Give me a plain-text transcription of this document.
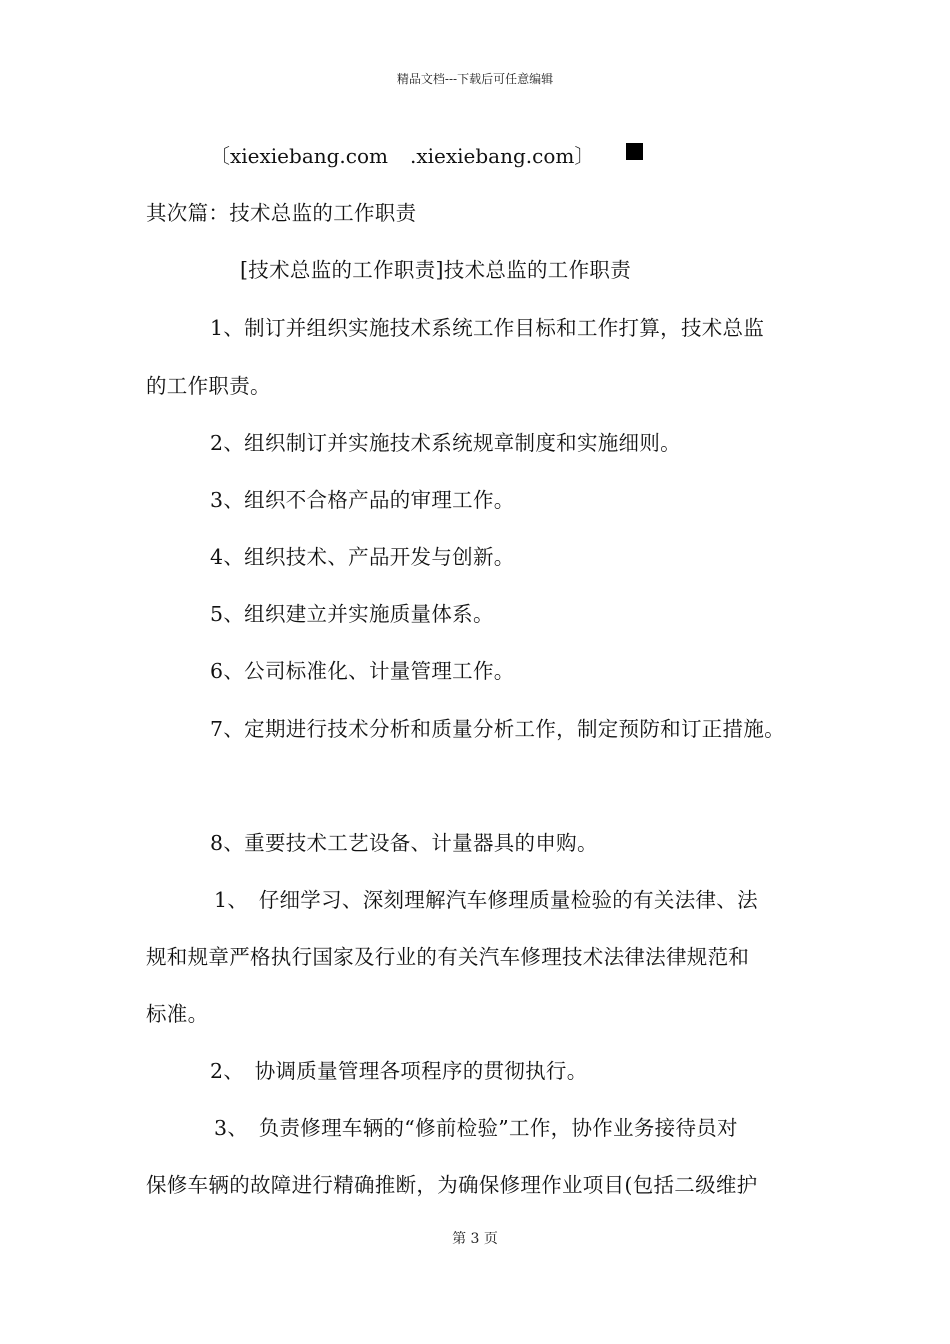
精品文档---下载后可任意编辑
〔xiexiebang.com .xiexiebang.com〕
其次篇：技术总监的工作职责
[技术总监的工作职责]技术总监的工作职责
1、制订并组织实施技术系统工作目标和工作打算，技术总监
的工作职责。
2、组织制订并实施技术系统规章制度和实施细则。
3、组织不合格产品的审理工作。
4、组织技术、产品开发与创新。
5、组织建立并实施质量体系。
6、公司标准化、计量管理工作。
7、定期进行技术分析和质量分析工作，制定预防和订正措施。
8、重要技术工艺设备、计量器具的申购。
1、　仔细学习、深刻理解汽车修理质量检验的有关法律、法
规和规章严格执行国家及行业的有关汽车修理技术法律法律规范和
标准。
2、　协调质量管理各项程序的贯彻执行。
3、　负责修理车辆的“修前检验”工作，协作业务接待员对
保修车辆的故障进行精确推断，为确保修理作业项目(包括二级维护
第 3 页
